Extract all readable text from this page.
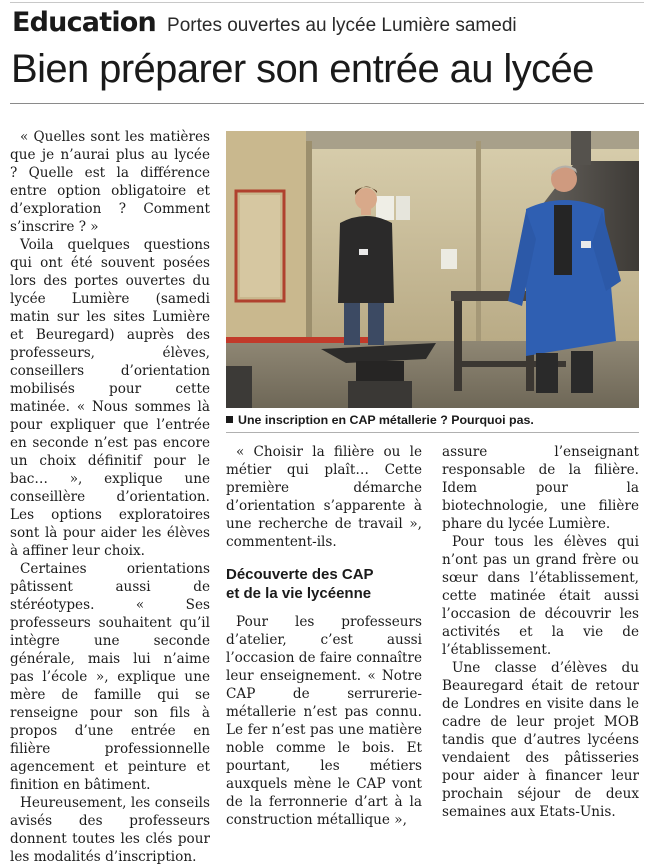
Education Portes ouvertes au lycée Lumière samedi
Bien préparer son entrée au lycée

« Quelles sont les matières que je n’aurai plus au lycée ? Quelle est la différence entre option obligatoire et d’exploration ? Comment s’inscrire ? »

Voila quelques questions qui ont été souvent posées lors des portes ouvertes du lycée Lumière (samedi matin sur les sites Lumière et Beuregard) auprès des professeurs, élèves, conseillers d’orientation mobilisés pour cette matinée. « Nous sommes là pour expliquer que l’entrée en seconde n’est pas encore un choix définitif pour le bac… », explique une conseillère d’orientation. Les options exploratoires sont là pour aider les élèves à affiner leur choix.

Certaines orientations pâtissent aussi de stéréotypes. « Ses professeurs souhaitent qu’il intègre une seconde générale, mais lui n’aime pas l’école », explique une mère de famille qui se renseigne pour son fils à propos d’une entrée en filière professionnelle agencement et peinture et finition en bâtiment.

Heureusement, les conseils avisés des professeurs donnent toutes les clés pour les modalités d’inscription.

Une inscription en CAP métallerie ? Pourquoi pas.

« Choisir la filière ou le métier qui plaît… Cette première démarche d’orientation s’apparente à une recherche de travail », commentent-ils.

Découverte des CAP
et de la vie lycéenne

Pour les professeurs d’atelier, c’est aussi l’occasion de faire connaître leur enseignement. « Notre CAP de serrurerie-métallerie n’est pas connu. Le fer n’est pas une matière noble comme le bois. Et pourtant, les métiers auxquels mène le CAP vont de la ferronnerie d’art à la construction métallique »,

assure l’enseignant responsable de la filière. Idem pour la biotechnologie, une filière phare du lycée Lumière.

Pour tous les élèves qui n’ont pas un grand frère ou sœur dans l’établissement, cette matinée était aussi l’occasion de découvrir les activités et la vie de l’établissement.

Une classe d’élèves du Beauregard était de retour de Londres en visite dans le cadre de leur projet MOB tandis que d’autres lycéens vendaient des pâtisseries pour aider à financer leur prochain séjour de deux semaines aux Etats-Unis.
